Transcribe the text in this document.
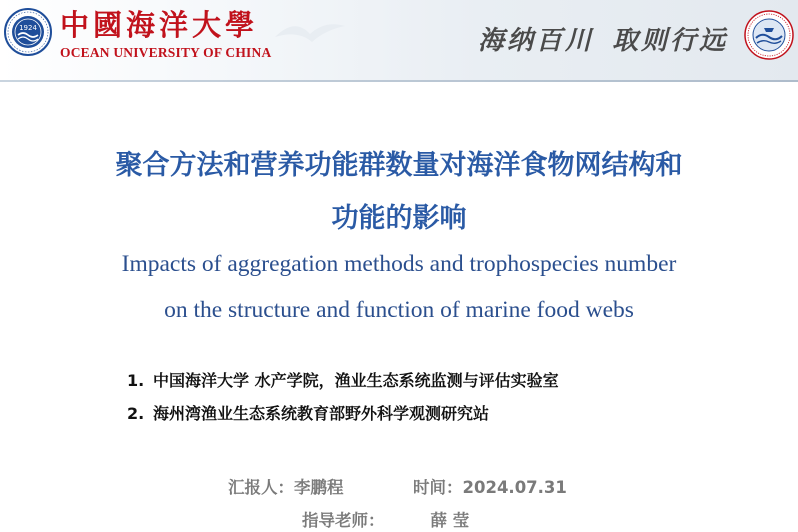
1924 中國海洋大學
OCEAN UNIVERSITY OF CHINA	海纳百川 取则行远
聚合方法和营养功能群数量对海洋食物网结构和
功能的影响
Impacts of aggregation methods and trophospecies number
on the structure and function of marine food webs
1. 中国海洋大学 水产学院，渔业生态系统监测与评估实验室
2. 海州湾渔业生态系统教育部野外科学观测研究站
汇报人：李鹏程	时间：2024.07.31
指导老师：	薛 莹
